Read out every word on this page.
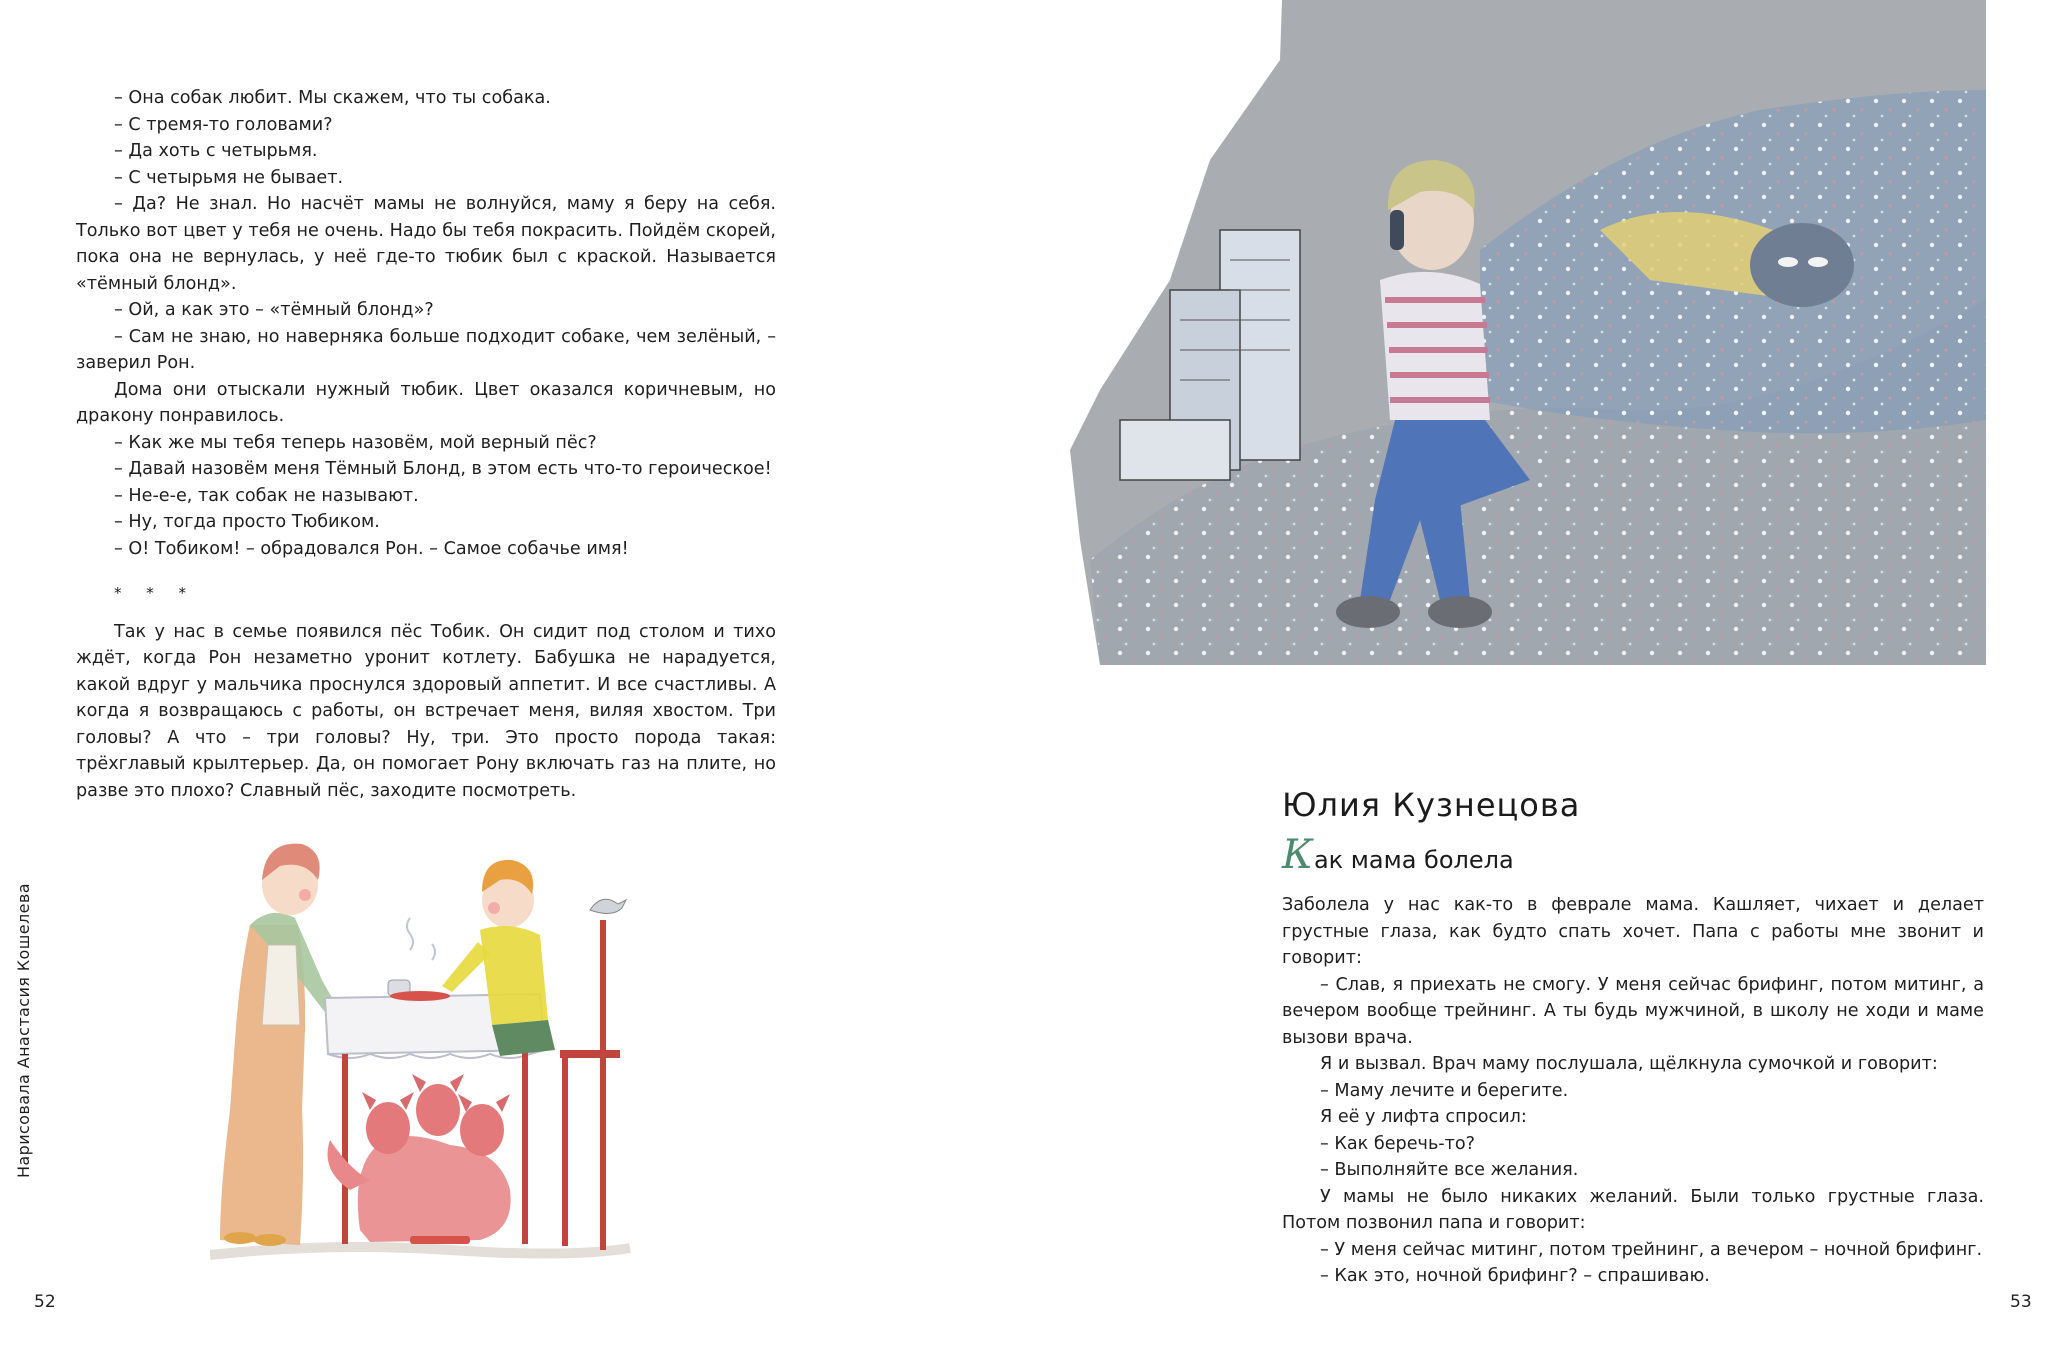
– Она собак любит. Мы скажем, что ты собака.

– С тремя-то головами?

– Да хоть с четырьмя.

– С четырьмя не бывает.

– Да? Не знал. Но насчёт мамы не волнуйся, маму я беру на себя. Только вот цвет у тебя не очень. Надо бы тебя покрасить. Пойдём скорей, пока она не вернулась, у неё где-то тюбик был с краской. Называется «тёмный блонд».

– Ой, а как это – «тёмный блонд»?

– Сам не знаю, но наверняка больше подходит собаке, чем зелёный, – заверил Рон.

Дома они отыскали нужный тюбик. Цвет оказался коричневым, но дракону понравилось.

– Как же мы тебя теперь назовём, мой верный пёс?

– Давай назовём меня Тёмный Блонд, в этом есть что-то героическое!

– Не-е-е, так собак не называют.

– Ну, тогда просто Тюбиком.

– О! Тобиком! – обрадовался Рон. – Самое собачье имя!

* * *

Так у нас в семье появился пёс Тобик. Он сидит под столом и тихо ждёт, когда Рон незаметно уронит котлету. Бабушка не нарадуется, какой вдруг у мальчика проснулся здоровый аппетит. И все счастливы. А когда я возвращаюсь с работы, он встречает меня, виляя хвостом. Три головы? А что – три головы? Ну, три. Это просто порода такая: трёхглавый крылтерьер. Да, он помогает Рону включать газ на плите, но разве это плохо? Славный пёс, заходите посмотреть.

Нарисовала Анастасия Кошелева
52
Юлия Кузнецова
Как мама болела

Заболела у нас как-то в феврале мама. Кашляет, чихает и делает грустные глаза, как будто спать хочет. Папа с работы мне звонит и говорит:

– Слав, я приехать не смогу. У меня сейчас брифинг, потом митинг, а вечером вообще трейнинг. А ты будь мужчиной, в школу не ходи и маме вызови врача.

Я и вызвал. Врач маму послушала, щёлкнула сумочкой и говорит:

– Маму лечите и берегите.

Я её у лифта спросил:

– Как беречь-то?

– Выполняйте все желания.

У мамы не было никаких желаний. Были только грустные глаза. Потом позвонил папа и говорит:

– У меня сейчас митинг, потом трейнинг, а вечером – ночной брифинг.

– Как это, ночной брифинг? – спрашиваю.

53
